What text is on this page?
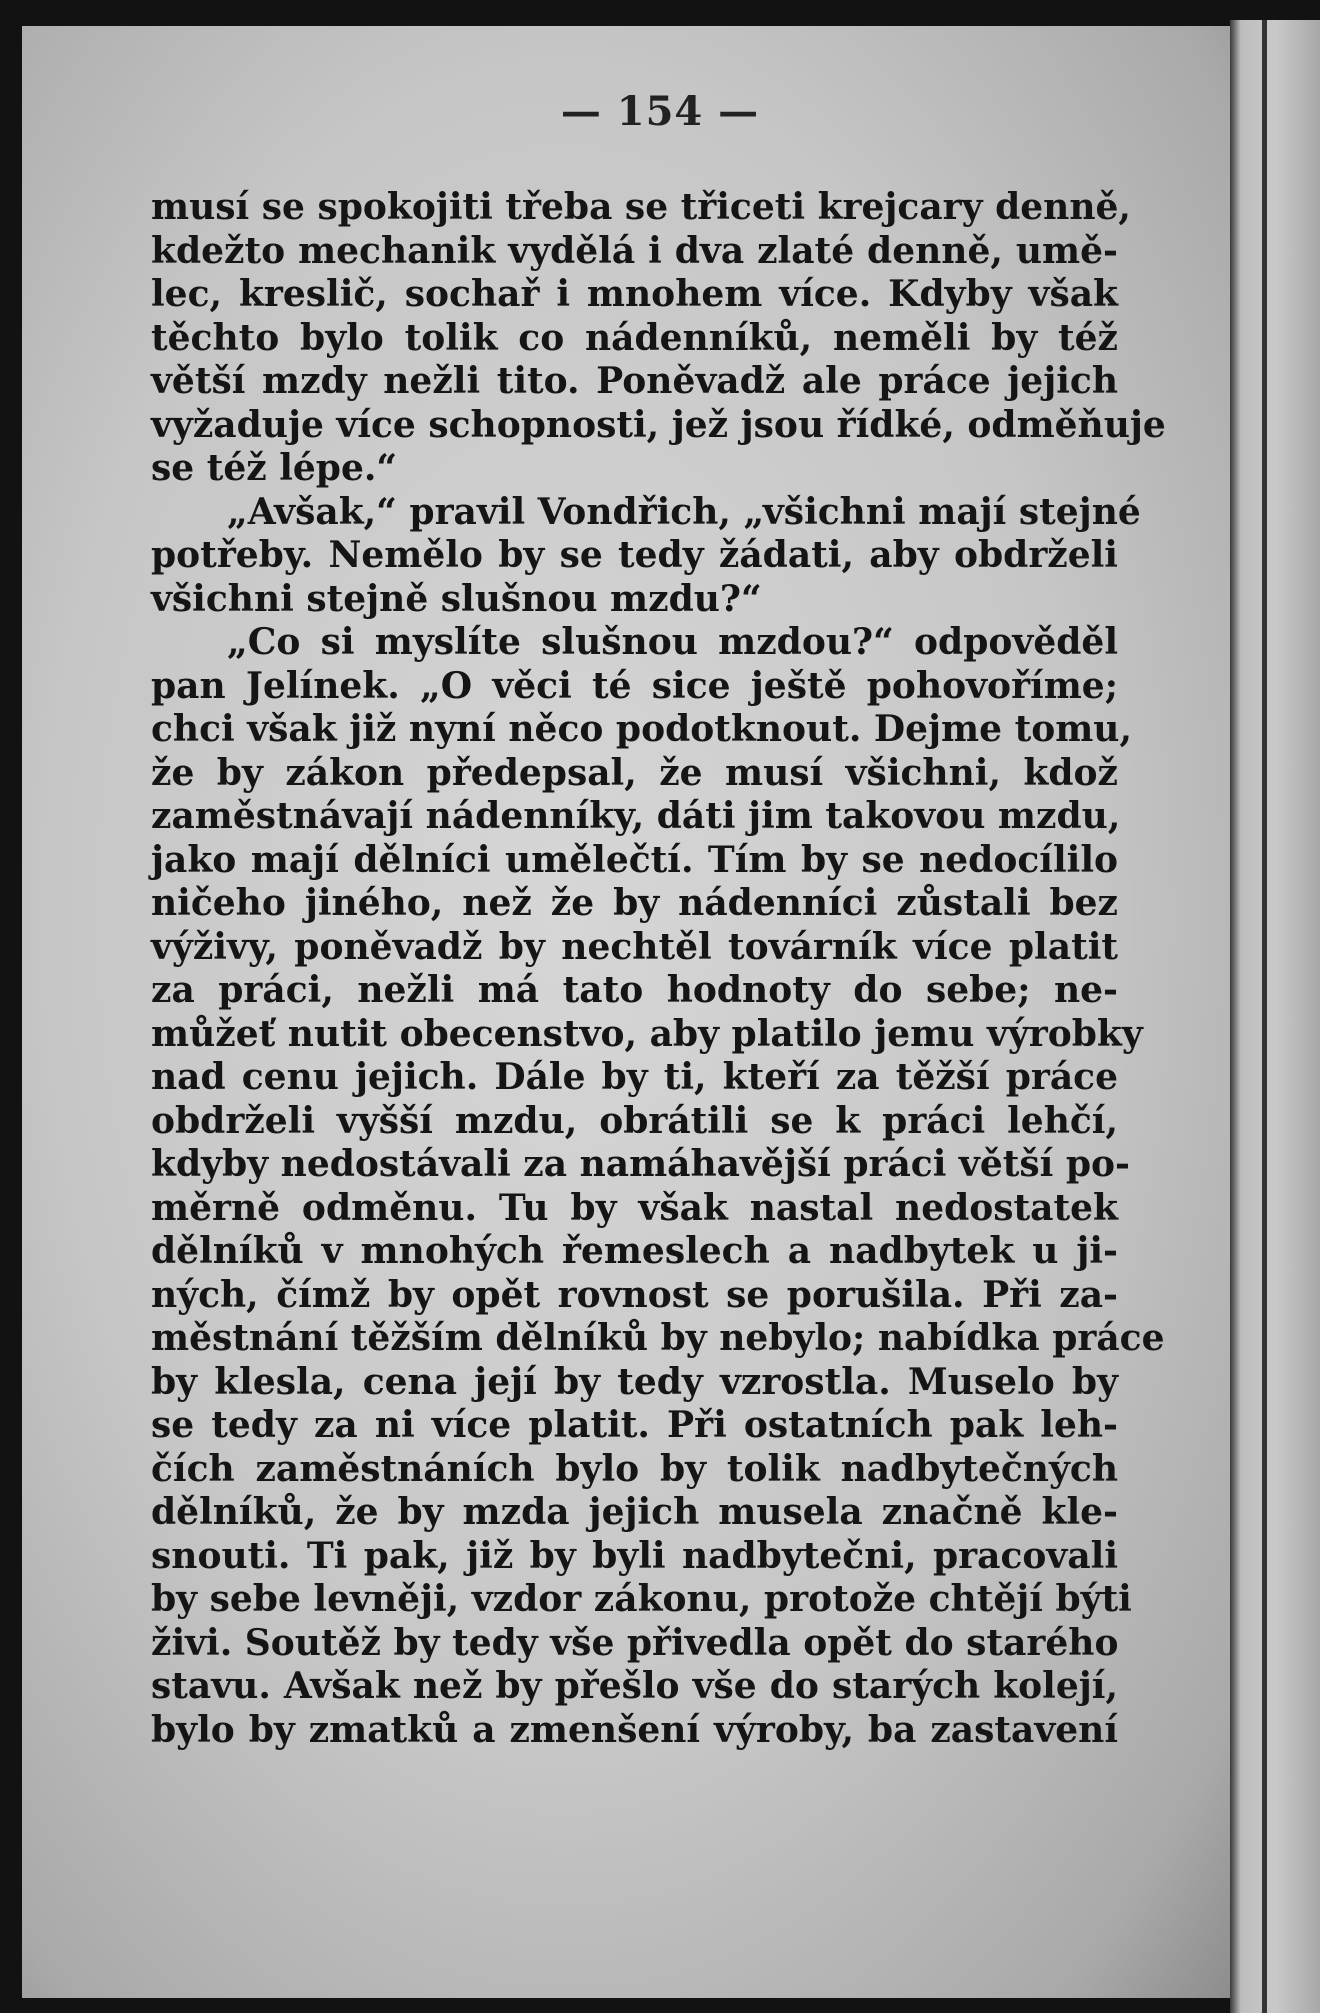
— 154 —
musí se spokojiti třeba se třiceti krejcary denně,
kdežto mechanik vydělá i dva zlaté denně, umě-
lec, kreslič, sochař i mnohem více. Kdyby však
těchto bylo tolik co nádenníků, neměli by též
větší mzdy nežli tito. Poněvadž ale práce jejich
vyžaduje více schopnosti, jež jsou řídké, odměňuje
se též lépe.“
„Avšak,“ pravil Vondřich, „všichni mají stejné
potřeby. Nemělo by se tedy žádati, aby obdrželi
všichni stejně slušnou mzdu?“
„Co si myslíte slušnou mzdou?“ odpověděl
pan Jelínek. „O věci té sice ještě pohovoříme;
chci však již nyní něco podotknout. Dejme tomu,
že by zákon předepsal, že musí všichni, kdož
zaměstnávají nádenníky, dáti jim takovou mzdu,
jako mají dělníci umělečtí. Tím by se nedocílilo
ničeho jiného, než že by nádenníci zůstali bez
výživy, poněvadž by nechtěl továrník více platit
za práci, nežli má tato hodnoty do sebe; ne-
můžeť nutit obecenstvo, aby platilo jemu výrobky
nad cenu jejich. Dále by ti, kteří za těžší práce
obdrželi vyšší mzdu, obrátili se k práci lehčí,
kdyby nedostávali za namáhavější práci větší po-
měrně odměnu. Tu by však nastal nedostatek
dělníků v mnohých řemeslech a nadbytek u ji-
ných, čímž by opět rovnost se porušila. Při za-
městnání těžším dělníků by nebylo; nabídka práce
by klesla, cena její by tedy vzrostla. Muselo by
se tedy za ni více platit. Při ostatních pak leh-
čích zaměstnáních bylo by tolik nadbytečných
dělníků, že by mzda jejich musela značně kle-
snouti. Ti pak, již by byli nadbytečni, pracovali
by sebe levněji, vzdor zákonu, protože chtějí býti
živi. Soutěž by tedy vše přivedla opět do starého
stavu. Avšak než by přešlo vše do starých kolejí,
bylo by zmatků a zmenšení výroby, ba zastavení
